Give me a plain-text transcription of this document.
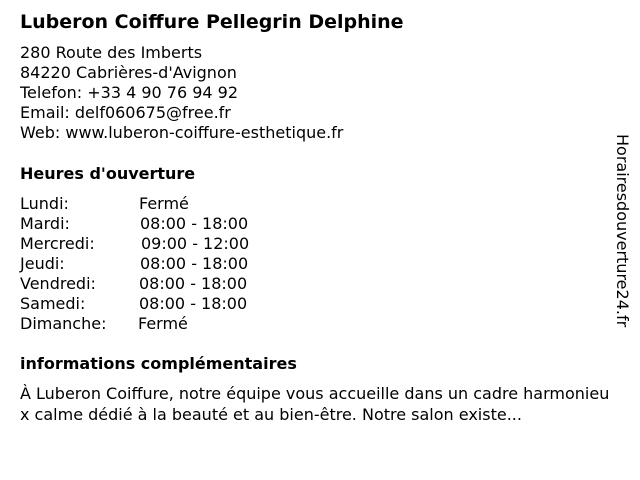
Luberon Coiffure Pellegrin Delphine
280 Route des Imberts
84220 Cabrières-d'Avignon
Telefon: +33 4 90 76 94 92
Email: delf060675@free.fr
Web: www.luberon-coiffure-esthetique.fr
Heures d'ouverture
Lundi:	Fermé
Mardi:	08:00 - 18:00
Mercredi:	09:00 - 12:00
Jeudi:	08:00 - 18:00
Vendredi:	08:00 - 18:00
Samedi:	08:00 - 18:00
Dimanche: Fermé
informations complémentaires
À Luberon Coiffure, notre équipe vous accueille dans un cadre harmonieux calme dédié à la beauté et au bien-être. Notre salon existe...
Horairesdouverture24.fr
